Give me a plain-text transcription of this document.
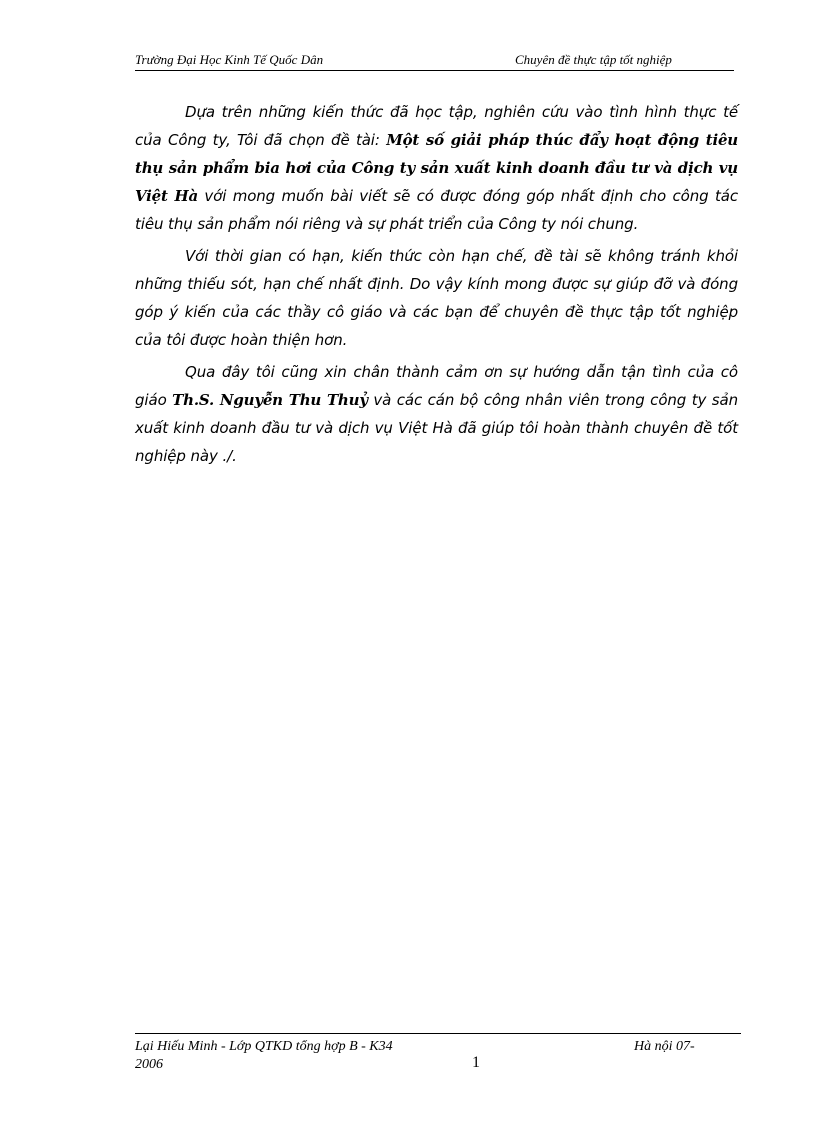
Trường Đại Học Kinh Tế Quốc Dân	Chuyên đề thực tập tốt nghiệp

Dựa trên những kiến thức đã học tập, nghiên cứu vào tình hình thực tế của Công ty, Tôi đã chọn đề tài: Một số giải pháp thúc đẩy hoạt động tiêu thụ sản phẩm bia hơi của Công ty sản xuất kinh doanh đầu tư và dịch vụ Việt Hà với mong muốn bài viết sẽ có được đóng góp nhất định cho công tác tiêu thụ sản phẩm nói riêng và sự phát triển của Công ty nói chung.

Với thời gian có hạn, kiến thức còn hạn chế, đề tài sẽ không tránh khỏi những thiếu sót, hạn chế nhất định. Do vậy kính mong được sự giúp đỡ và đóng góp ý kiến của các thầy cô giáo và các bạn để chuyên đề thực tập tốt nghiệp của tôi được hoàn thiện hơn.

Qua đây tôi cũng xin chân thành cảm ơn sự hướng dẫn tận tình của cô giáo Th.S. Nguyễn Thu Thuỷ và các cán bộ công nhân viên trong công ty sản xuất kinh doanh đầu tư và dịch vụ Việt Hà đã giúp tôi hoàn thành chuyên đề tốt nghiệp này ./.

Lại Hiếu Minh - Lớp QTKD tổng hợp B - K34
2006	1
Hà nội 07-
